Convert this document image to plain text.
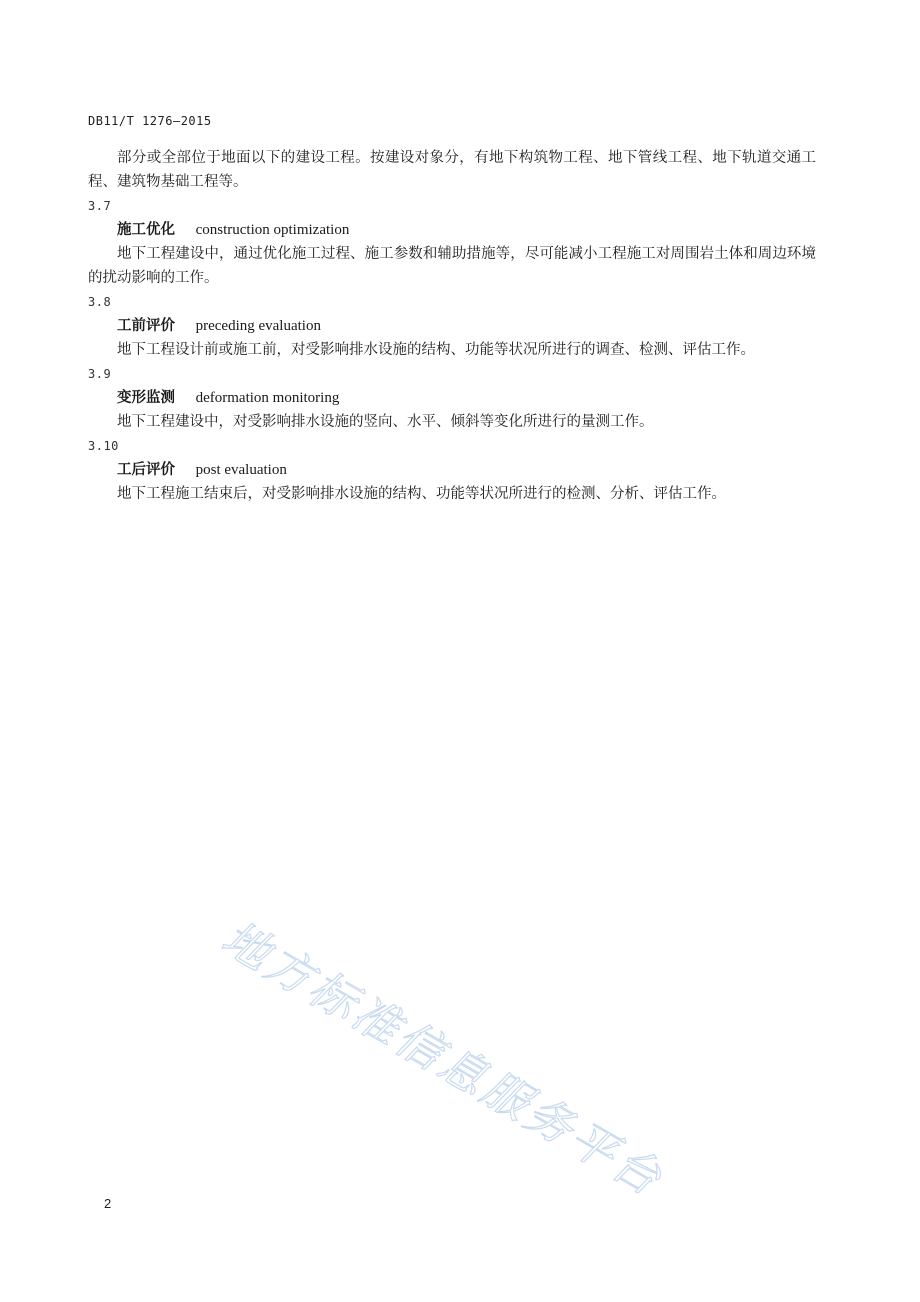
DB11/T 1276—2015

部分或全部位于地面以下的建设工程。按建设对象分，有地下构筑物工程、地下管线工程、地下轨道交通工程、建筑物基础工程等。

3.7

施工优化 construction optimization

地下工程建设中，通过优化施工过程、施工参数和辅助措施等，尽可能减小工程施工对周围岩土体和周边环境的扰动影响的工作。

3.8

工前评价 preceding evaluation

地下工程设计前或施工前，对受影响排水设施的结构、功能等状况所进行的调查、检测、评估工作。

3.9

变形监测 deformation monitoring

地下工程建设中，对受影响排水设施的竖向、水平、倾斜等变化所进行的量测工作。

3.10

工后评价 post evaluation

地下工程施工结束后，对受影响排水设施的结构、功能等状况所进行的检测、分析、评估工作。

地方标准信息服务平台
2
